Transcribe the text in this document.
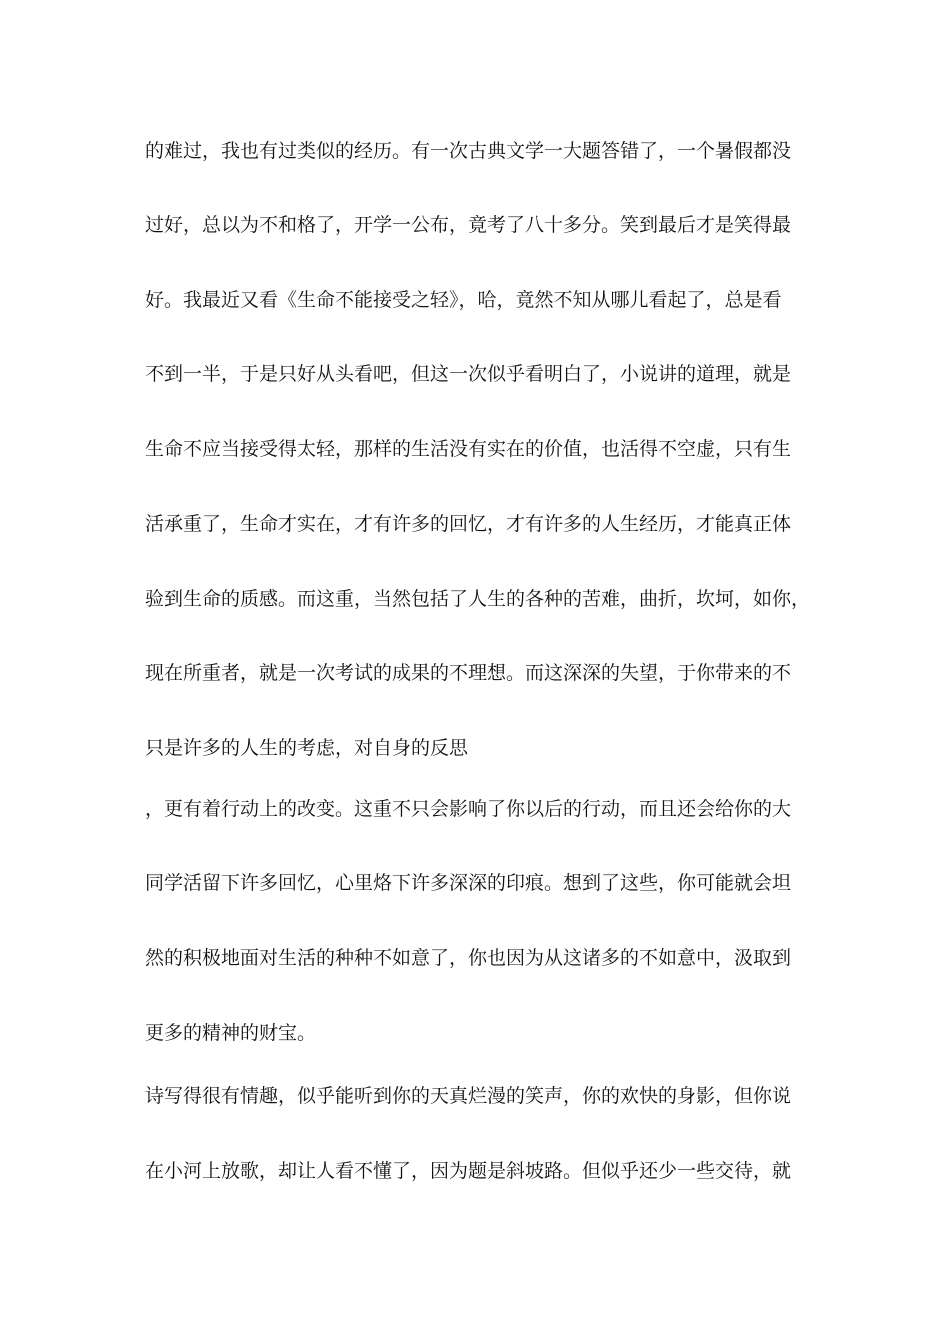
的难过，我也有过类似的经历。有一次古典文学一大题答错了，一个暑假都没
过好，总以为不和格了，开学一公布，竟考了八十多分。笑到最后才是笑得最
好。我最近又看《生命不能接受之轻》，哈，竟然不知从哪儿看起了，总是看
不到一半，于是只好从头看吧，但这一次似乎看明白了，小说讲的道理，就是
生命不应当接受得太轻，那样的生活没有实在的价值，也活得不空虚，只有生
活承重了，生命才实在，才有许多的回忆，才有许多的人生经历，才能真正体
验到生命的质感。而这重，当然包括了人生的各种的苦难，曲折，坎坷，如你，
现在所重者，就是一次考试的成果的不理想。而这深深的失望，于你带来的不
只是许多的人生的考虑，对自身的反思
，更有着行动上的改变。这重不只会影响了你以后的行动，而且还会给你的大
同学活留下许多回忆，心里烙下许多深深的印痕。想到了这些，你可能就会坦
然的积极地面对生活的种种不如意了，你也因为从这诸多的不如意中，汲取到
更多的精神的财宝。
诗写得很有情趣，似乎能听到你的天真烂漫的笑声，你的欢快的身影，但你说
在小河上放歌，却让人看不懂了，因为题是斜坡路。但似乎还少一些交待，就
